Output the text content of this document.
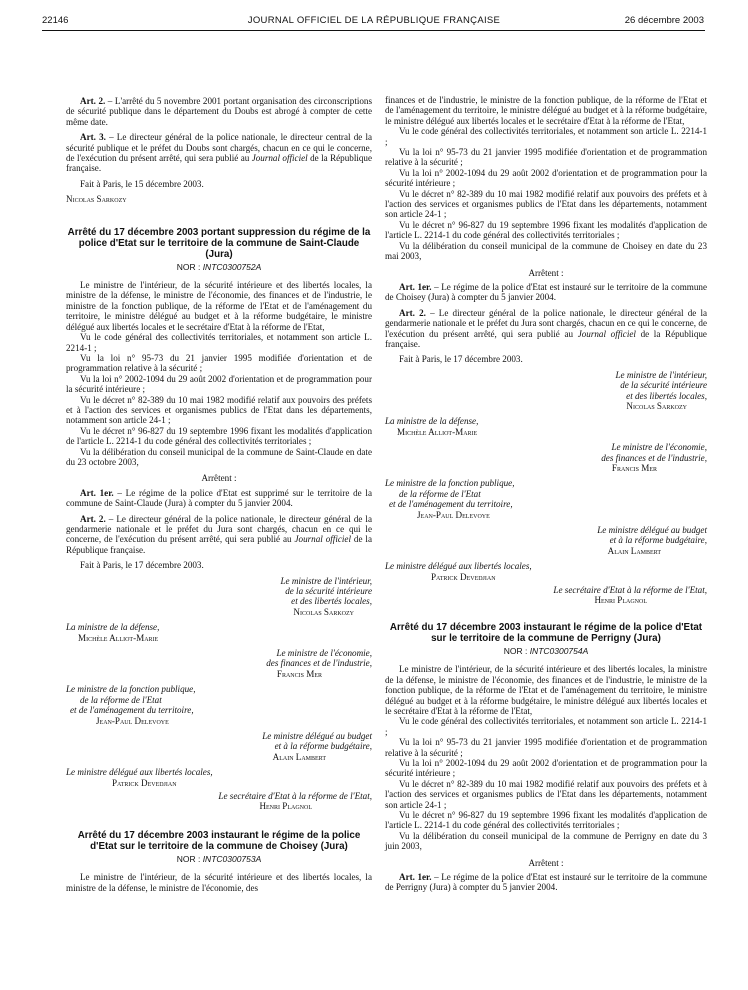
22146	JOURNAL OFFICIEL DE LA RÉPUBLIQUE FRANÇAISE	26 décembre 2003

Art. 2. – L'arrêté du 5 novembre 2001 portant organisation des circonscriptions de sécurité publique dans le département du Doubs est abrogé à compter de cette même date.

Art. 3. – Le directeur général de la police nationale, le directeur central de la sécurité publique et le préfet du Doubs sont chargés, chacun en ce qui le concerne, de l'exécution du présent arrêté, qui sera publié au Journal officiel de la République française.

Fait à Paris, le 15 décembre 2003.

Nicolas Sarkozy

Arrêté du 17 décembre 2003 portant suppression du régime de la police d'Etat sur le territoire de la commune de Saint-Claude (Jura)
NOR : INTC0300752A

Le ministre de l'intérieur, de la sécurité intérieure et des libertés locales, la ministre de la défense, le ministre de l'économie, des finances et de l'industrie, le ministre de la fonction publique, de la réforme de l'Etat et de l'aménagement du territoire, le ministre délégué au budget et à la réforme budgétaire, le ministre délégué aux libertés locales et le secrétaire d'Etat à la réforme de l'Etat,

Vu le code général des collectivités territoriales, et notamment son article L. 2214-1 ;

Vu la loi n° 95-73 du 21 janvier 1995 modifiée d'orientation et de programmation relative à la sécurité ;

Vu la loi n° 2002-1094 du 29 août 2002 d'orientation et de programmation pour la sécurité intérieure ;

Vu le décret n° 82-389 du 10 mai 1982 modifié relatif aux pouvoirs des préfets et à l'action des services et organismes publics de l'Etat dans les départements, notamment son article 24-1 ;

Vu le décret n° 96-827 du 19 septembre 1996 fixant les modalités d'application de l'article L. 2214-1 du code général des collectivités territoriales ;

Vu la délibération du conseil municipal de la commune de Saint-Claude en date du 23 octobre 2003,

Arrêtent :

Art. 1er. – Le régime de la police d'Etat est supprimé sur le territoire de la commune de Saint-Claude (Jura) à compter du 5 janvier 2004.

Art. 2. – Le directeur général de la police nationale, le directeur général de la gendarmerie nationale et le préfet du Jura sont chargés, chacun en ce qui le concerne, de l'exécution du présent arrêté, qui sera publié au Journal officiel de la République française.

Fait à Paris, le 17 décembre 2003.

Le ministre de l'intérieur,
de la sécurité intérieure
et des libertés locales,
Nicolas Sarkozy
La ministre de la défense,
Michèle Alliot-Marie
Le ministre de l'économie,
des finances et de l'industrie,
Francis Mer
Le ministre de la fonction publique,
de la réforme de l'Etat
et de l'aménagement du territoire,
Jean-Paul Delevoye
Le ministre délégué au budget
et à la réforme budgétaire,
Alain Lambert
Le ministre délégué aux libertés locales,
Patrick Devedjian
Le secrétaire d'Etat à la réforme de l'Etat,
Henri Plagnol
Arrêté du 17 décembre 2003 instaurant le régime de la police d'Etat sur le territoire de la commune de Choisey (Jura)
NOR : INTC0300753A

Le ministre de l'intérieur, de la sécurité intérieure et des libertés locales, la ministre de la défense, le ministre de l'économie, des

finances et de l'industrie, le ministre de la fonction publique, de la réforme de l'Etat et de l'aménagement du territoire, le ministre délégué au budget et à la réforme budgétaire, le ministre délégué aux libertés locales et le secrétaire d'Etat à la réforme de l'Etat,

Vu le code général des collectivités territoriales, et notamment son article L. 2214-1 ;

Vu la loi n° 95-73 du 21 janvier 1995 modifiée d'orientation et de programmation relative à la sécurité ;

Vu la loi n° 2002-1094 du 29 août 2002 d'orientation et de programmation pour la sécurité intérieure ;

Vu le décret n° 82-389 du 10 mai 1982 modifié relatif aux pouvoirs des préfets et à l'action des services et organismes publics de l'Etat dans les départements, notamment son article 24-1 ;

Vu le décret n° 96-827 du 19 septembre 1996 fixant les modalités d'application de l'article L. 2214-1 du code général des collectivités territoriales ;

Vu la délibération du conseil municipal de la commune de Choisey en date du 23 mai 2003,

Arrêtent :

Art. 1er. – Le régime de la police d'Etat est instauré sur le territoire de la commune de Choisey (Jura) à compter du 5 janvier 2004.

Art. 2. – Le directeur général de la police nationale, le directeur général de la gendarmerie nationale et le préfet du Jura sont chargés, chacun en ce qui le concerne, de l'exécution du présent arrêté, qui sera publié au Journal officiel de la République française.

Fait à Paris, le 17 décembre 2003.

Le ministre de l'intérieur,
de la sécurité intérieure
et des libertés locales,
Nicolas Sarkozy
La ministre de la défense,
Michèle Alliot-Marie
Le ministre de l'économie,
des finances et de l'industrie,
Francis Mer
Le ministre de la fonction publique,
de la réforme de l'Etat
et de l'aménagement du territoire,
Jean-Paul Delevoye
Le ministre délégué au budget
et à la réforme budgétaire,
Alain Lambert
Le ministre délégué aux libertés locales,
Patrick Devedjian
Le secrétaire d'Etat à la réforme de l'Etat,
Henri Plagnol
Arrêté du 17 décembre 2003 instaurant le régime de la police d'Etat sur le territoire de la commune de Perrigny (Jura)
NOR : INTC0300754A

Le ministre de l'intérieur, de la sécurité intérieure et des libertés locales, la ministre de la défense, le ministre de l'économie, des finances et de l'industrie, le ministre de la fonction publique, de la réforme de l'Etat et de l'aménagement du territoire, le ministre délégué au budget et à la réforme budgétaire, le ministre délégué aux libertés locales et le secrétaire d'Etat à la réforme de l'Etat,

Vu le code général des collectivités territoriales, et notamment son article L. 2214-1 ;

Vu la loi n° 95-73 du 21 janvier 1995 modifiée d'orientation et de programmation relative à la sécurité ;

Vu la loi n° 2002-1094 du 29 août 2002 d'orientation et de programmation pour la sécurité intérieure ;

Vu le décret n° 82-389 du 10 mai 1982 modifié relatif aux pouvoirs des préfets et à l'action des services et organismes publics de l'Etat dans les départements, notamment son article 24-1 ;

Vu le décret n° 96-827 du 19 septembre 1996 fixant les modalités d'application de l'article L. 2214-1 du code général des collectivités territoriales ;

Vu la délibération du conseil municipal de la commune de Perrigny en date du 3 juin 2003,

Arrêtent :

Art. 1er. – Le régime de la police d'Etat est instauré sur le territoire de la commune de Perrigny (Jura) à compter du 5 janvier 2004.
